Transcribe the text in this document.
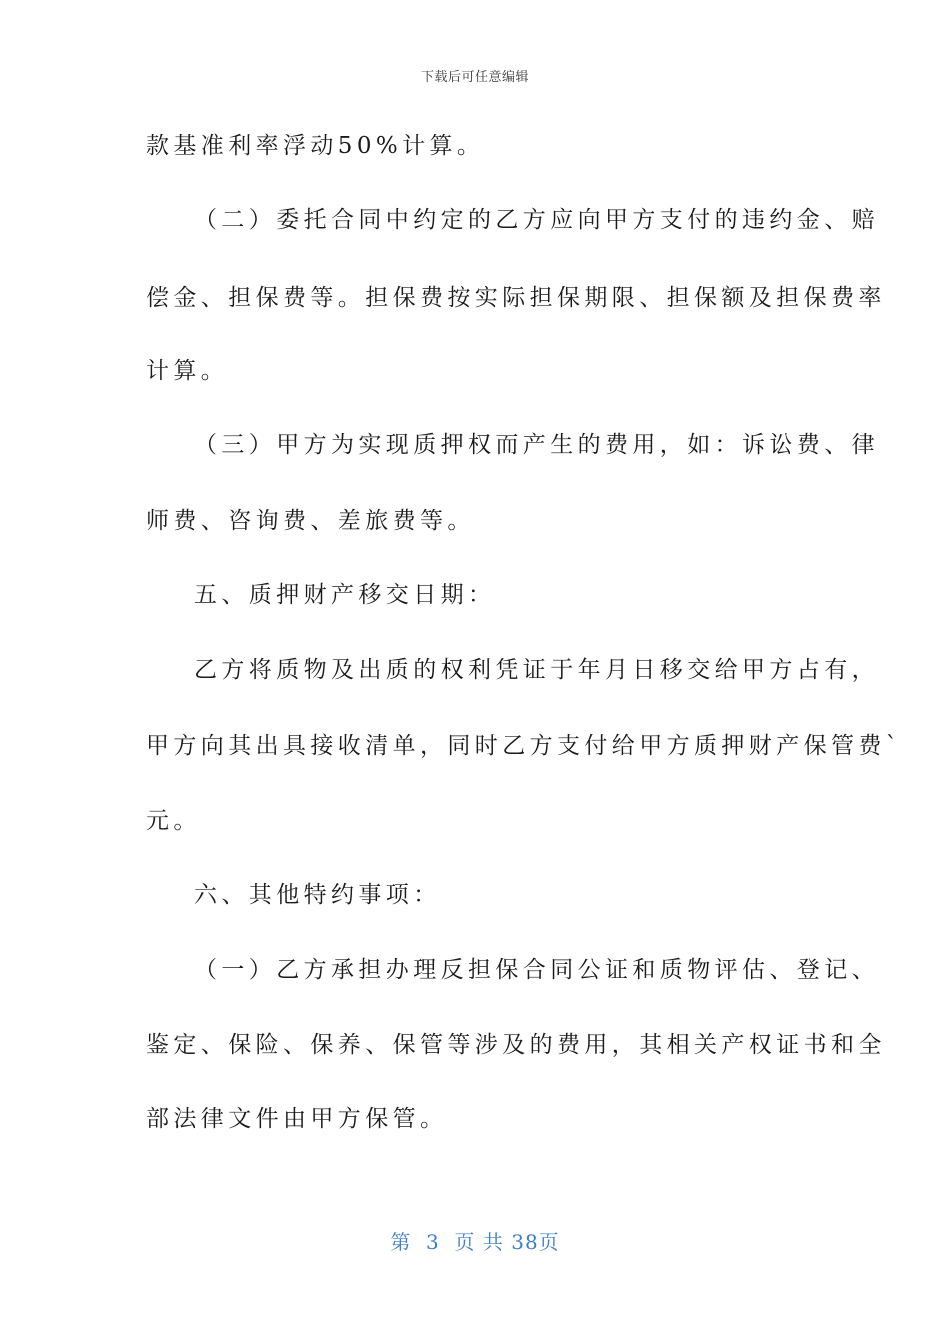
下载后可任意编辑
款基准利率浮动50%计算。
（二）委托合同中约定的乙方应向甲方支付的违约金、赔
偿金、担保费等。担保费按实际担保期限、担保额及担保费率
计算。
（三）甲方为实现质押权而产生的费用，如：诉讼费、律
师费、咨询费、差旅费等。
五、质押财产移交日期：
乙方将质物及出质的权利凭证于年月日移交给甲方占有，
甲方向其出具接收清单，同时乙方支付给甲方质押财产保管费`
元。
六、其他特约事项：
（一）乙方承担办理反担保合同公证和质物评估、登记、
鉴定、保险、保养、保管等涉及的费用，其相关产权证书和全
部法律文件由甲方保管。
第 3 页 共 38页
